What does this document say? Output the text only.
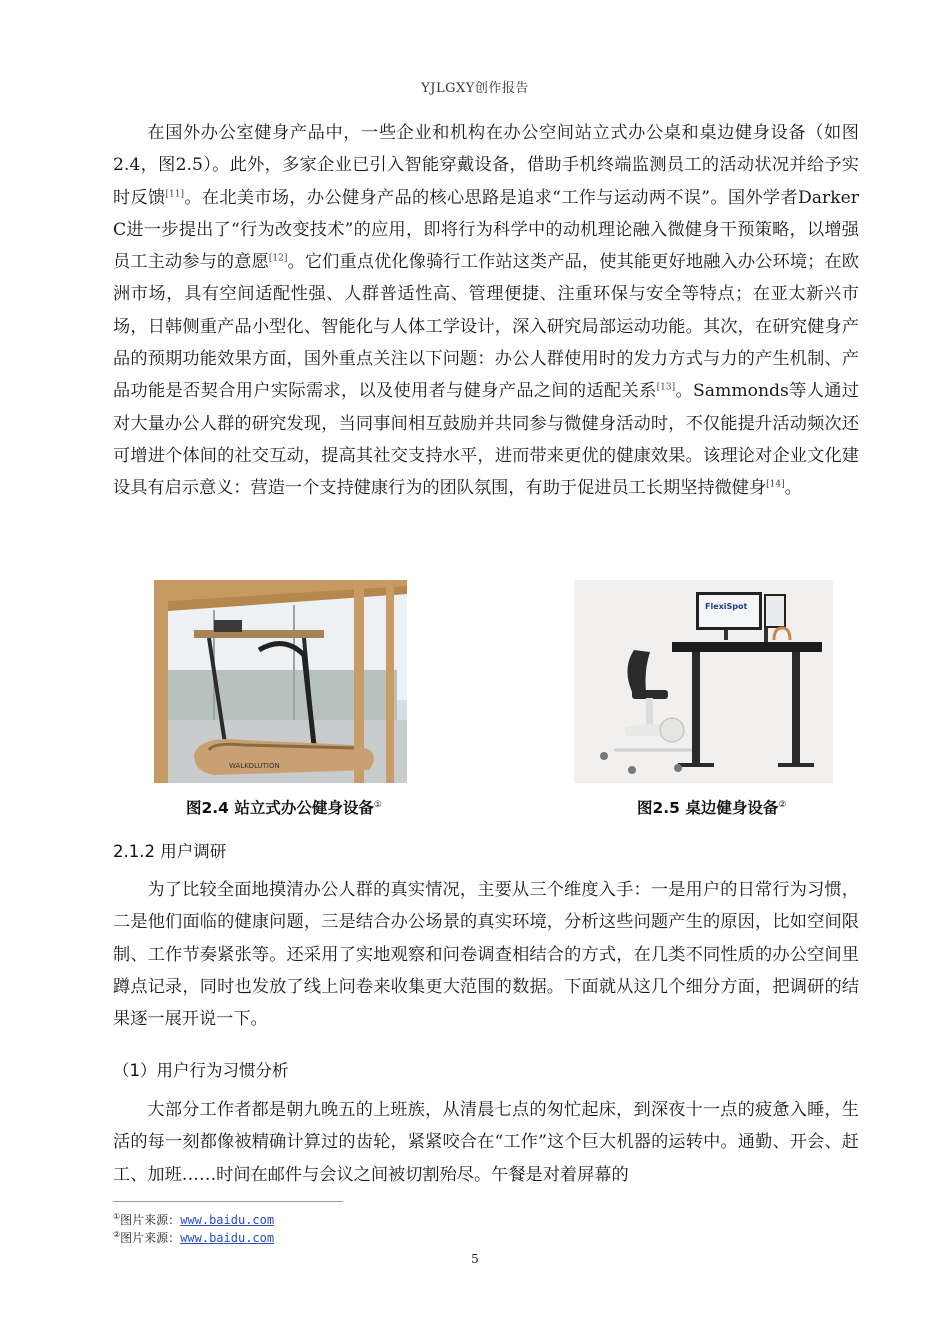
YJLGXY创作报告

在国外办公室健身产品中，一些企业和机构在办公空间站立式办公桌和桌边健身设备（如图2.4，图2.5）。此外，多家企业已引入智能穿戴设备，借助手机终端监测员工的活动状况并给予实时反馈[11]。在北美市场，办公健身产品的核心思路是追求“工作与运动两不误”。国外学者Darker C进一步提出了“行为改变技术”的应用，即将行为科学中的动机理论融入微健身干预策略，以增强员工主动参与的意愿[12]。它们重点优化像骑行工作站这类产品，使其能更好地融入办公环境；在欧洲市场，具有空间适配性强、人群普适性高、管理便捷、注重环保与安全等特点；在亚太新兴市场，日韩侧重产品小型化、智能化与人体工学设计，深入研究局部运动功能。其次，在研究健身产品的预期功能效果方面，国外重点关注以下问题：办公人群使用时的发力方式与力的产生机制、产品功能是否契合用户实际需求，以及使用者与健身产品之间的适配关系[13]。Sammonds等人通过对大量办公人群的研究发现，当同事间相互鼓励并共同参与微健身活动时，不仅能提升活动频次还可增进个体间的社交互动，提高其社交支持水平，进而带来更优的健康效果。该理论对企业文化建设具有启示意义：营造一个支持健康行为的团队氛围，有助于促进员工长期坚持微健身[14]。

WALKOLUTION
FlexiSpot
图2.4 站立式办公健身设备①	图2.5 桌边健身设备②
2.1.2 用户调研

为了比较全面地摸清办公人群的真实情况，主要从三个维度入手：一是用户的日常行为习惯，二是他们面临的健康问题，三是结合办公场景的真实环境，分析这些问题产生的原因，比如空间限制、工作节奏紧张等。还采用了实地观察和问卷调查相结合的方式，在几类不同性质的办公空间里蹲点记录，同时也发放了线上问卷来收集更大范围的数据。下面就从这几个细分方面，把调研的结果逐一展开说一下。

（1）用户行为习惯分析

大部分工作者都是朝九晚五的上班族，从清晨七点的匆忙起床，到深夜十一点的疲惫入睡，生活的每一刻都像被精确计算过的齿轮，紧紧咬合在“工作”这个巨大机器的运转中。通勤、开会、赶工、加班……时间在邮件与会议之间被切割殆尽。午餐是对着屏幕的

①图片来源：www.baidu.com
②图片来源：www.baidu.com
5
